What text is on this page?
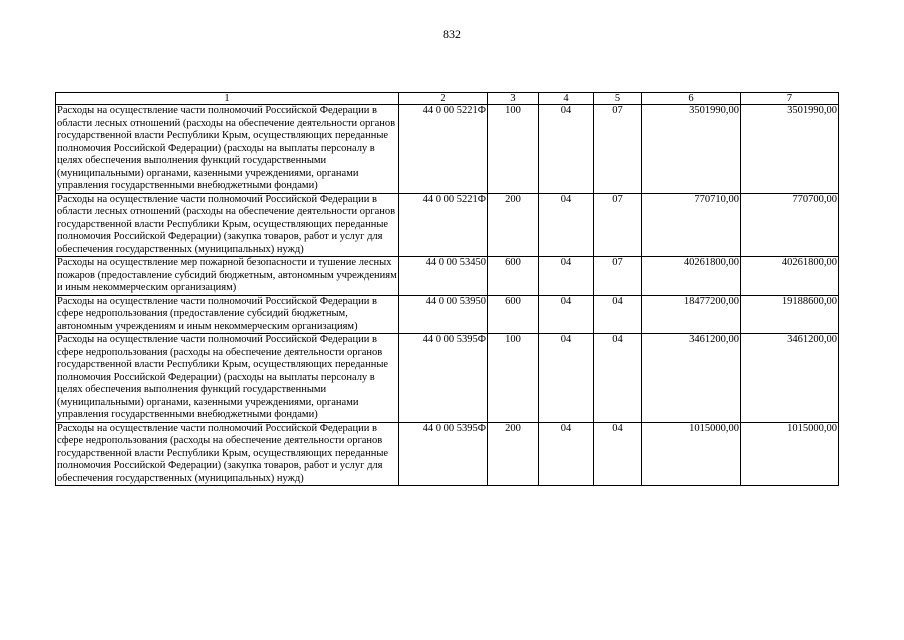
832
1	2	3	4	5	6	7
Расходы на осуществление части полномочий Российской Федерации в области лесных отношений (расходы на обеспечение деятельности органов государственной власти Республики Крым, осуществляющих переданные полномочия Российской Федерации) (расходы на выплаты персоналу в целях обеспечения выполнения функций государственными (муниципальными) органами, казенными учреждениями, органами управления государственными внебюджетными фондами)	44 0 00 5221Ф	100	04	07	3501990,00	3501990,00
Расходы на осуществление части полномочий Российской Федерации в области лесных отношений (расходы на обеспечение деятельности органов государственной власти Республики Крым, осуществляющих переданные полномочия Российской Федерации) (закупка товаров, работ и услуг для обеспечения государственных (муниципальных) нужд)	44 0 00 5221Ф	200	04	07	770710,00	770700,00
Расходы на осуществление мер пожарной безопасности и тушение лесных пожаров (предоставление субсидий бюджетным, автономным учреждениям и иным некоммерческим организациям)	44 0 00 53450	600	04	07	40261800,00	40261800,00
Расходы на осуществление части полномочий Российской Федерации в сфере недропользования (предоставление субсидий бюджетным, автономным учреждениям и иным некоммерческим организациям)	44 0 00 53950	600	04	04	18477200,00	19188600,00
Расходы на осуществление части полномочий Российской Федерации в сфере недропользования (расходы на обеспечение деятельности органов государственной власти Республики Крым, осуществляющих переданные полномочия Российской Федерации) (расходы на выплаты персоналу в целях обеспечения выполнения функций государственными (муниципальными) органами, казенными учреждениями, органами управления государственными внебюджетными фондами)	44 0 00 5395Ф	100	04	04	3461200,00	3461200,00
Расходы на осуществление части полномочий Российской Федерации в сфере недропользования (расходы на обеспечение деятельности органов государственной власти Республики Крым, осуществляющих переданные полномочия Российской Федерации) (закупка товаров, работ и услуг для обеспечения государственных (муниципальных) нужд)	44 0 00 5395Ф	200	04	04	1015000,00	1015000,00
